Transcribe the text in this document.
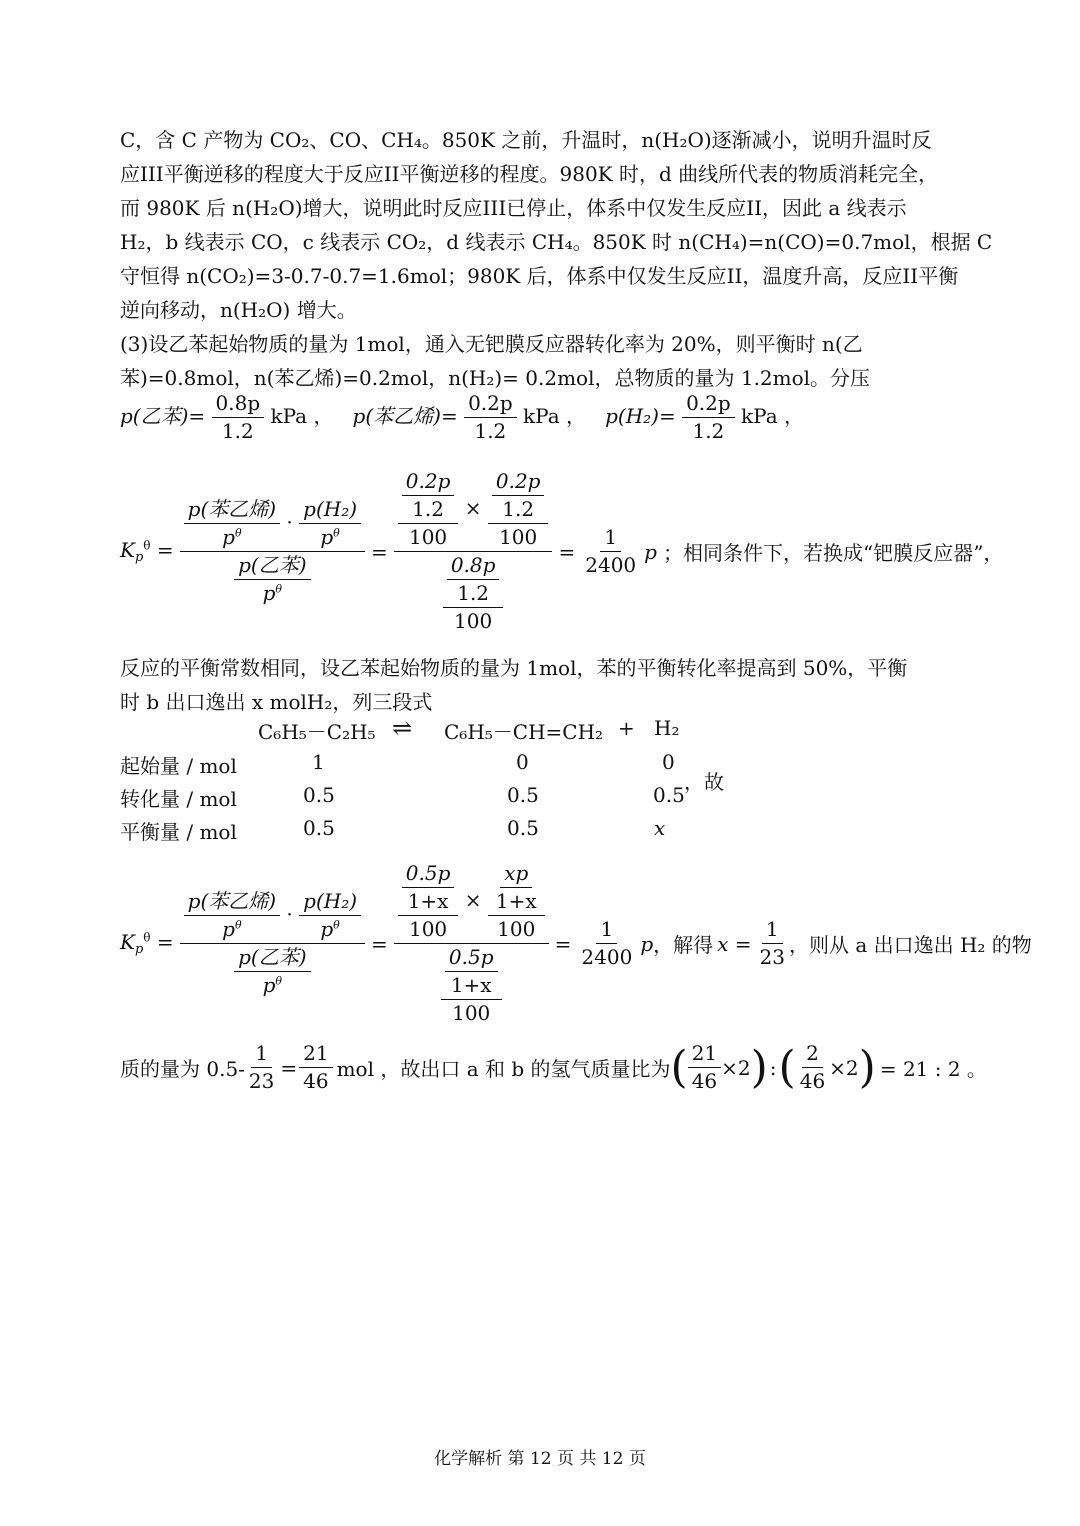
C，含 C 产物为 CO₂、CO、CH₄。850K 之前，升温时，n(H₂O)逐渐减小，说明升温时反
应III平衡逆移的程度大于反应II平衡逆移的程度。980K 时，d 曲线所代表的物质消耗完全，
而 980K 后 n(H₂O)增大，说明此时反应III已停止，体系中仅发生反应II，因此 a 线表示
H₂，b 线表示 CO，c 线表示 CO₂，d 线表示 CH₄。850K 时 n(CH₄)=n(CO)=0.7mol，根据 C
守恒得 n(CO₂)=3-0.7-0.7=1.6mol；980K 后，体系中仅发生反应II，温度升高，反应II平衡
逆向移动，n(H₂O) 增大。
(3)设乙苯起始物质的量为 1mol，通入无钯膜反应器转化率为 20%，则平衡时 n(乙
苯)=0.8mol，n(苯乙烯)=0.2mol，n(H₂)= 0.2mol，总物质的量为 1.2mol。分压
p(乙苯)= $\frac{0.8p}{1.2}$ kPa ， p(苯乙烯)= $\frac{0.2p}{1.2}$ kPa ， $p(H_2)= \frac{0.2p}{1.2}$ kPa ，
$K_p^\theta = \frac{\frac{\text{p(苯乙烯)}}{p^\theta} \cdot \frac{\text{p(H₂)}}{p^\theta}}{\frac{\text{p(乙苯)}}{p^\theta}} = \frac{\frac{\frac{0.2p}{1.2}}{100} \times \frac{\frac{0.2p}{1.2}}{100}}{\frac{\frac{0.8p}{1.2}}{100}} = \frac{1}{2400}$ p ；相同条件下，若换成“钯膜反应器”，
反应的平衡常数相同，设乙苯起始物质的量为 1mol，苯的平衡转化率提高到 50%，平衡
时 b 出口逸出 x molH₂，列三段式
C₆H₅－C₂H₅ ⇌ C₆H₅－CH=CH₂ + H₂
起始量 / mol	1	0	0
转化量 / mol	0.5	0.5	0.5
，故
平衡量 / mol	0.5	0.5	x
$K_p^\theta = \frac{\frac{\text{p(苯乙烯)}}{p^\theta} \cdot \frac{\text{p(H₂)}}{p^\theta}}{\frac{\text{p(乙苯)}}{p^\theta}} = \frac{\frac{\frac{0.5p}{1+x}}{100} \times \frac{\frac{xp}{1+x}}{100}}{\frac{\frac{0.5p}{1+x}}{100}} = \frac{1}{2400}$ p ，解得 $x = \frac{1}{23}$ ，则从 a 出口逸出 H₂ 的物
质的量为 $0.5- \frac{1}{23} = \frac{21}{46}$ mol ，故出口 a 和 b 的氢气质量比为 ( $\frac{21}{46} \times 2$ ) : ( $\frac{2}{46} \times 2$ ) = 21 : 2 。
化学解析 第 12 页 共 12 页
